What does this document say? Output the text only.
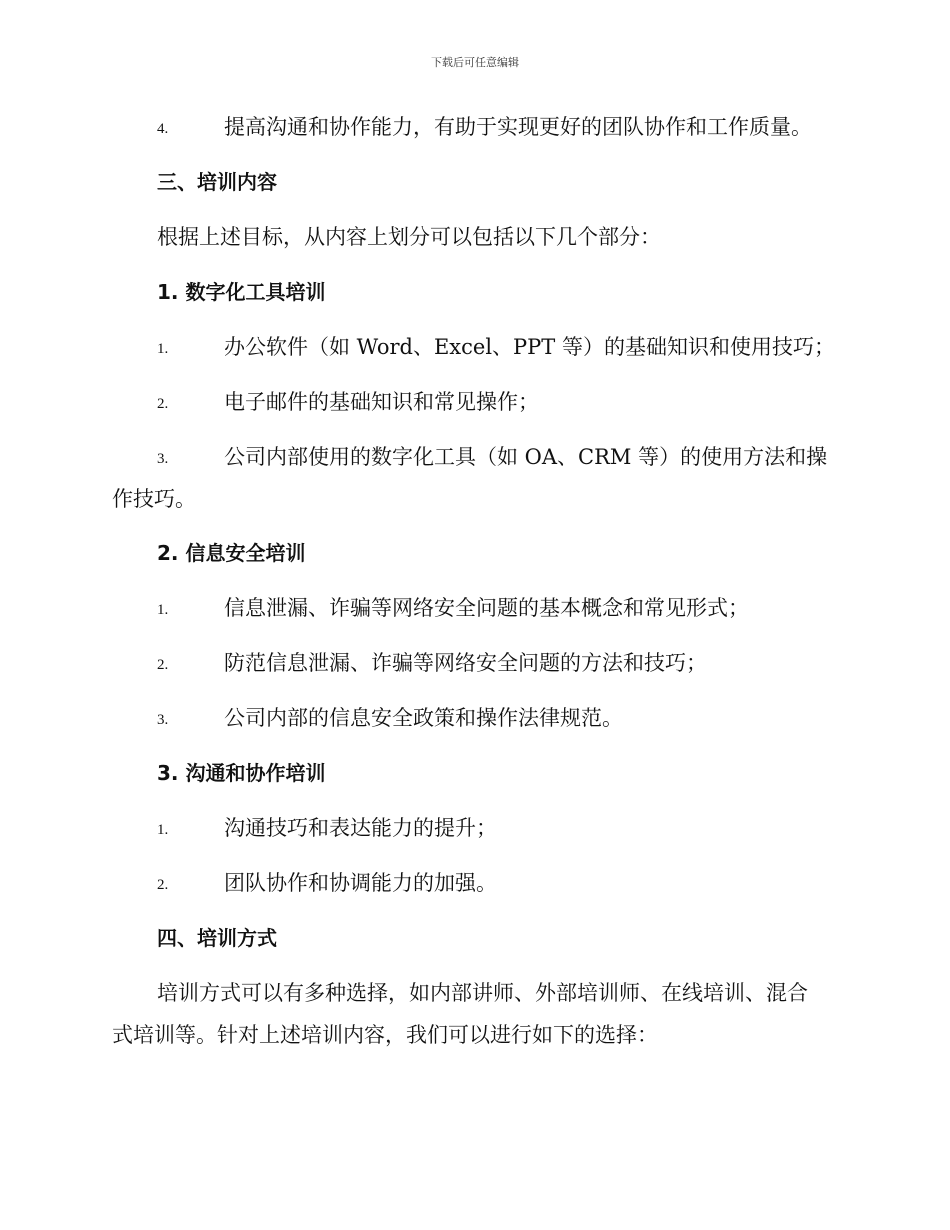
下载后可任意编辑
4.	提高沟通和协作能力，有助于实现更好的团队协作和工作质量。
三、培训内容
根据上述目标，从内容上划分可以包括以下几个部分：
1. 数字化工具培训
1.	办公软件（如 Word、Excel、PPT 等）的基础知识和使用技巧；
2.	电子邮件的基础知识和常见操作；
3.	公司内部使用的数字化工具（如 OA、CRM 等）的使用方法和操
作技巧。
2. 信息安全培训
1.	信息泄漏、诈骗等网络安全问题的基本概念和常见形式；
2.	防范信息泄漏、诈骗等网络安全问题的方法和技巧；
3.	公司内部的信息安全政策和操作法律规范。
3. 沟通和协作培训
1.	沟通技巧和表达能力的提升；
2.	团队协作和协调能力的加强。
四、培训方式
培训方式可以有多种选择，如内部讲师、外部培训师、在线培训、混合
式培训等。针对上述培训内容，我们可以进行如下的选择：
